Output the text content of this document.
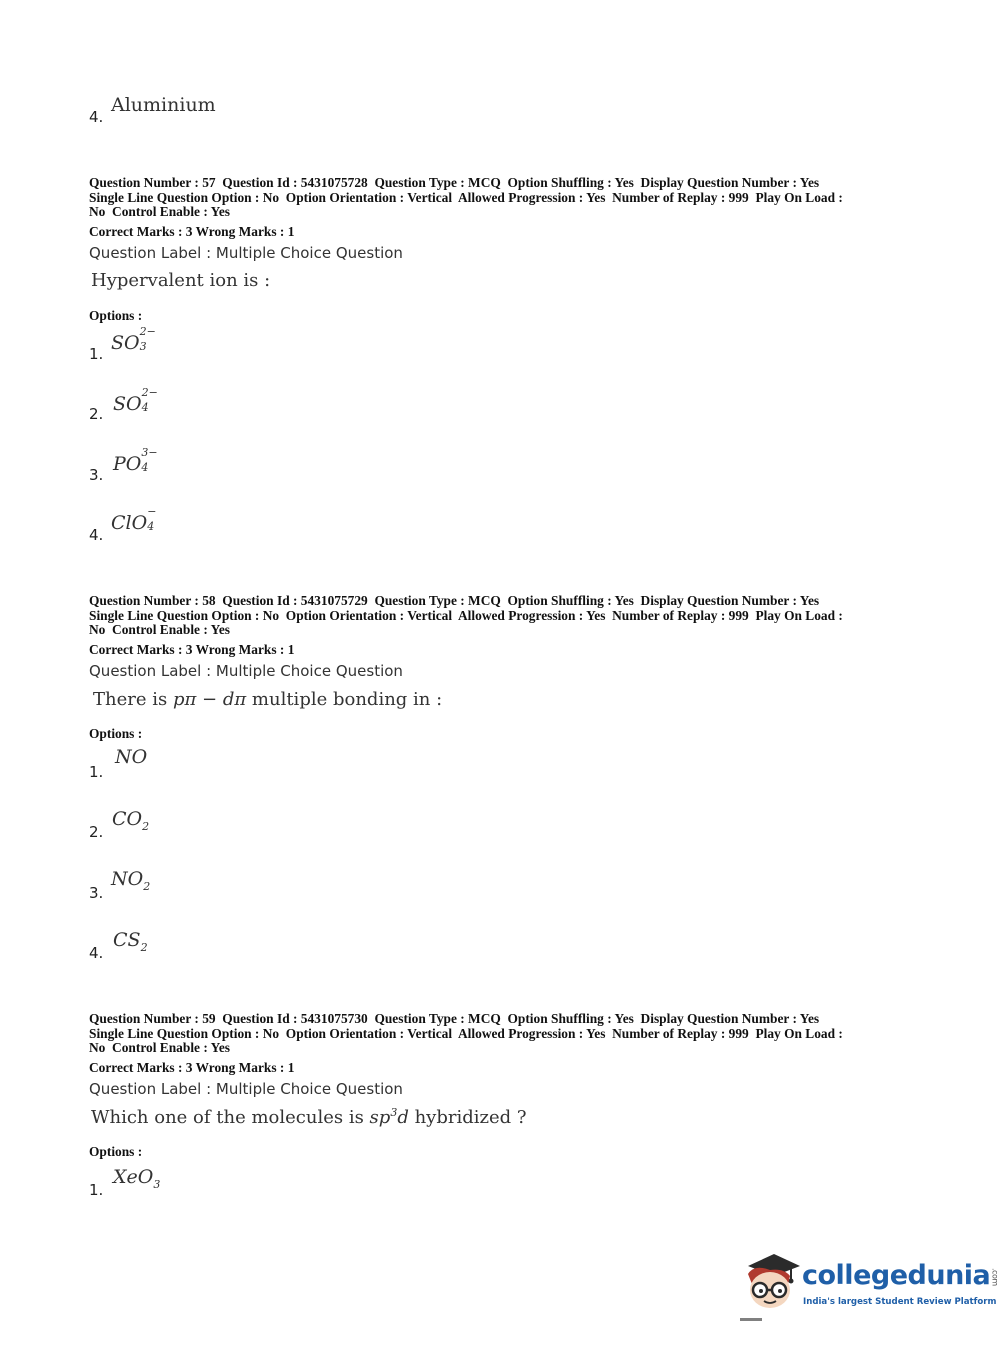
4.
Aluminium
Question Number : 57  Question Id : 5431075728  Question Type : MCQ  Option Shuffling : Yes  Display Question Number : Yes
Single Line Question Option : No  Option Orientation : Vertical  Allowed Progression : Yes  Number of Replay : 999  Play On Load :
No  Control Enable : Yes
Correct Marks : 3 Wrong Marks : 1
Question Label : Multiple Choice Question
Hypervalent ion is :
Options :
1. SO
2−
3
2. SO
2−
4
3. PO
3−
4
4.
ClO
−
4
Question Number : 58  Question Id : 5431075729  Question Type : MCQ  Option Shuffling : Yes  Display Question Number : Yes
Single Line Question Option : No  Option Orientation : Vertical  Allowed Progression : Yes  Number of Replay : 999  Play On Load :
No  Control Enable : Yes
Correct Marks : 3 Wrong Marks : 1
Question Label : Multiple Choice Question
There is pπ − dπ multiple bonding in :
Options :
1.
NO
2.
$CO_2$
3.
$NO_2$
4.
$CS_2$
Question Number : 59  Question Id : 5431075730  Question Type : MCQ  Option Shuffling : Yes  Display Question Number : Yes
Single Line Question Option : No  Option Orientation : Vertical  Allowed Progression : Yes  Number of Replay : 999  Play On Load :
No  Control Enable : Yes
Correct Marks : 3 Wrong Marks : 1
Question Label : Multiple Choice Question
Which one of the molecules is $sp^3d$ hybridized ?
Options :
1.
XeO$_3$
collegedunia.com
India's largest Student Review Platform
